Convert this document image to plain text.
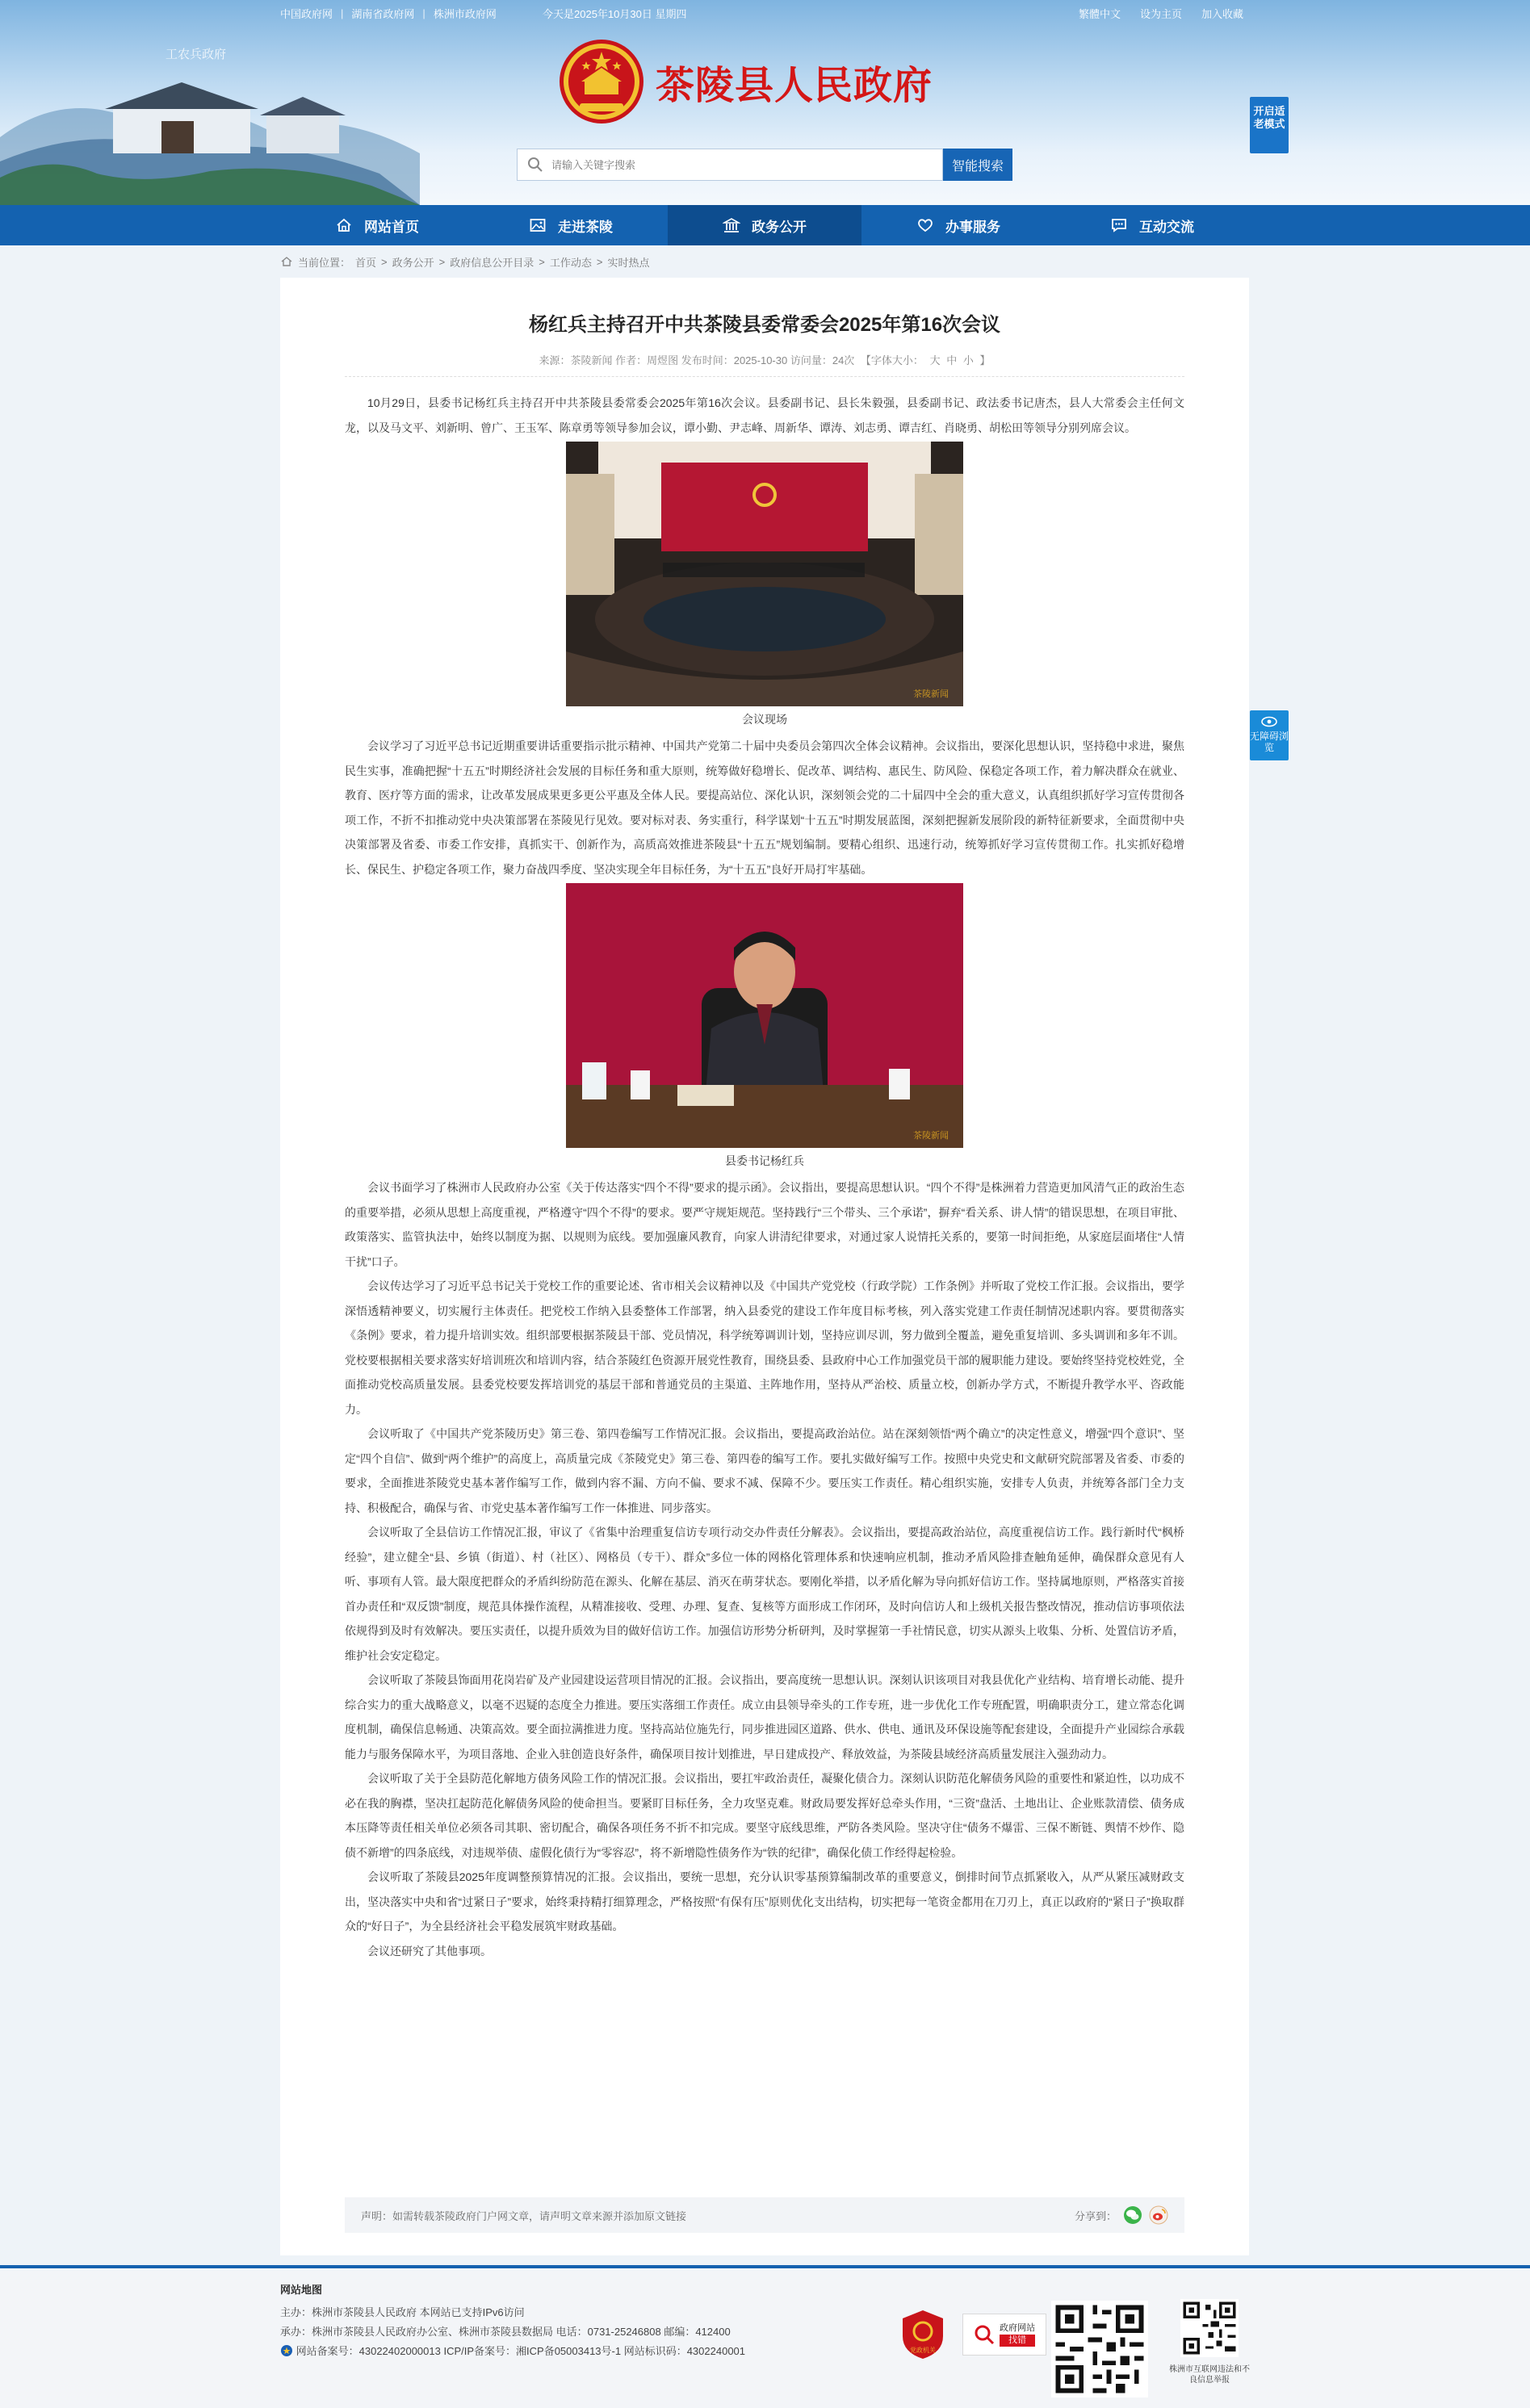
工农兵政府
中国政府网 | 湖南省政府网 | 株洲市政府网	今天是2025年10月30日 星期四	繁體中文 设为主页 加入收藏
茶陵县人民政府
请输入关键字搜索
智能搜索
开启适老模式
网站首页	走进茶陵	政务公开	办事服务	互动交流
当前位置： 首页 > 政务公开 > 政府信息公开目录 > 工作动态 > 实时热点
杨红兵主持召开中共茶陵县委常委会2025年第16次会议
来源：茶陵新闻 作者：周煜图 发布时间：2025-10-30 访问量：24次 【字体大小： 大 中 小 】

10月29日，县委书记杨红兵主持召开中共茶陵县委常委会2025年第16次会议。县委副书记、县长朱毅强，县委副书记、政法委书记唐杰，县人大常委会主任何文龙，以及马文平、刘新明、曾广、王玉军、陈章勇等领导参加会议，谭小勤、尹志峰、周新华、谭涛、刘志勇、谭吉红、肖晓勇、胡松田等领导分别列席会议。

茶陵新闻
会议现场

会议学习了习近平总书记近期重要讲话重要指示批示精神、中国共产党第二十届中央委员会第四次全体会议精神。会议指出，要深化思想认识，坚持稳中求进，聚焦民生实事，准确把握“十五五”时期经济社会发展的目标任务和重大原则，统筹做好稳增长、促改革、调结构、惠民生、防风险、保稳定各项工作，着力解决群众在就业、教育、医疗等方面的需求，让改革发展成果更多更公平惠及全体人民。要提高站位、深化认识，深刻领会党的二十届四中全会的重大意义，认真组织抓好学习宣传贯彻各项工作，不折不扣推动党中央决策部署在茶陵见行见效。要对标对表、务实重行，科学谋划“十五五”时期发展蓝图，深刻把握新发展阶段的新特征新要求，全面贯彻中央决策部署及省委、市委工作安排，真抓实干、创新作为，高质高效推进茶陵县“十五五”规划编制。要精心组织、迅速行动，统筹抓好学习宣传贯彻工作。扎实抓好稳增长、保民生、护稳定各项工作，聚力奋战四季度、坚决实现全年目标任务，为“十五五”良好开局打牢基础。

茶陵新闻
县委书记杨红兵

会议书面学习了株洲市人民政府办公室《关于传达落实“四个不得”要求的提示函》。会议指出，要提高思想认识。“四个不得”是株洲着力营造更加风清气正的政治生态的重要举措，必须从思想上高度重视，严格遵守“四个不得”的要求。要严守规矩规范。坚持践行“三个带头、三个承诺”，摒弃“看关系、讲人情”的错误思想，在项目审批、政策落实、监管执法中，始终以制度为据、以规则为底线。要加强廉风教育，向家人讲清纪律要求，对通过家人说情托关系的，要第一时间拒绝，从家庭层面堵住“人情干扰”口子。

会议传达学习了习近平总书记关于党校工作的重要论述、省市相关会议精神以及《中国共产党党校（行政学院）工作条例》并听取了党校工作汇报。会议指出，要学深悟透精神要义，切实履行主体责任。把党校工作纳入县委整体工作部署，纳入县委党的建设工作年度目标考核，列入落实党建工作责任制情况述职内容。要贯彻落实《条例》要求，着力提升培训实效。组织部要根据茶陵县干部、党员情况，科学统筹调训计划，坚持应训尽训，努力做到全覆盖，避免重复培训、多头调训和多年不训。党校要根据相关要求落实好培训班次和培训内容，结合茶陵红色资源开展党性教育，围绕县委、县政府中心工作加强党员干部的履职能力建设。要始终坚持党校姓党，全面推动党校高质量发展。县委党校要发挥培训党的基层干部和普通党员的主渠道、主阵地作用，坚持从严治校、质量立校，创新办学方式，不断提升教学水平、咨政能力。

会议听取了《中国共产党茶陵历史》第三卷、第四卷编写工作情况汇报。会议指出，要提高政治站位。站在深刻领悟“两个确立”的决定性意义，增强“四个意识”、坚定“四个自信”、做到“两个维护”的高度上，高质量完成《茶陵党史》第三卷、第四卷的编写工作。要扎实做好编写工作。按照中央党史和文献研究院部署及省委、市委的要求，全面推进茶陵党史基本著作编写工作，做到内容不漏、方向不偏、要求不减、保障不少。要压实工作责任。精心组织实施，安排专人负责，并统筹各部门全力支持、积极配合，确保与省、市党史基本著作编写工作一体推进、同步落实。

会议听取了全县信访工作情况汇报，审议了《省集中治理重复信访专项行动交办件责任分解表》。会议指出，要提高政治站位，高度重视信访工作。践行新时代“枫桥经验”，建立健全“县、乡镇（街道）、村（社区）、网格员（专干）、群众”多位一体的网格化管理体系和快速响应机制，推动矛盾风险排查触角延伸，确保群众意见有人听、事项有人管。最大限度把群众的矛盾纠纷防范在源头、化解在基层、消灭在萌芽状态。要刚化举措，以矛盾化解为导向抓好信访工作。坚持属地原则，严格落实首接首办责任和“双反馈”制度，规范具体操作流程，从精准接收、受理、办理、复查、复核等方面形成工作闭环，及时向信访人和上级机关报告整改情况，推动信访事项依法依规得到及时有效解决。要压实责任，以提升质效为目的做好信访工作。加强信访形势分析研判，及时掌握第一手社情民意，切实从源头上收集、分析、处置信访矛盾，维护社会安定稳定。

会议听取了茶陵县饰面用花岗岩矿及产业园建设运营项目情况的汇报。会议指出，要高度统一思想认识。深刻认识该项目对我县优化产业结构、培育增长动能、提升综合实力的重大战略意义，以毫不迟疑的态度全力推进。要压实落细工作责任。成立由县领导牵头的工作专班，进一步优化工作专班配置，明确职责分工，建立常态化调度机制，确保信息畅通、决策高效。要全面拉满推进力度。坚持高站位施先行，同步推进园区道路、供水、供电、通讯及环保设施等配套建设，全面提升产业园综合承载能力与服务保障水平，为项目落地、企业入驻创造良好条件，确保项目按计划推进，早日建成投产、释放效益，为茶陵县域经济高质量发展注入强劲动力。

会议听取了关于全县防范化解地方债务风险工作的情况汇报。会议指出，要扛牢政治责任，凝聚化债合力。深刻认识防范化解债务风险的重要性和紧迫性，以功成不必在我的胸襟，坚决扛起防范化解债务风险的使命担当。要紧盯目标任务，全力攻坚克难。财政局要发挥好总牵头作用，“三资”盘活、土地出让、企业账款清偿、债务成本压降等责任相关单位必须各司其职、密切配合，确保各项任务不折不扣完成。要坚守底线思维，严防各类风险。坚决守住“债务不爆雷、三保不断链、舆情不炒作、隐债不新增”的四条底线，对违规举债、虚假化债行为“零容忍”，将不新增隐性债务作为“铁的纪律”，确保化债工作经得起检验。

会议听取了茶陵县2025年度调整预算情况的汇报。会议指出，要统一思想，充分认识零基预算编制改革的重要意义，倒排时间节点抓紧收入，从严从紧压减财政支出，坚决落实中央和省“过紧日子”要求，始终秉持精打细算理念，严格按照“有保有压”原则优化支出结构，切实把每一笔资金都用在刀刃上，真正以政府的“紧日子”换取群众的“好日子”，为全县经济社会平稳发展筑牢财政基础。

会议还研究了其他事项。

声明：如需转载茶陵政府门户网文章，请声明文章来源并添加原文链接	分享到：
无障碍浏览
网站地图
主办：株洲市茶陵县人民政府 本网站已支持IPv6访问
承办：株洲市茶陵县人民政府办公室、株洲市茶陵县数据局 电话：0731-25246808 邮编：412400
网站备案号：43022402000013 ICP/IP备案号：湘ICP备05003413号-1 网站标识码：4302240001	党政机关
政府网站
找错
株洲市互联网违法和不良信息举报
